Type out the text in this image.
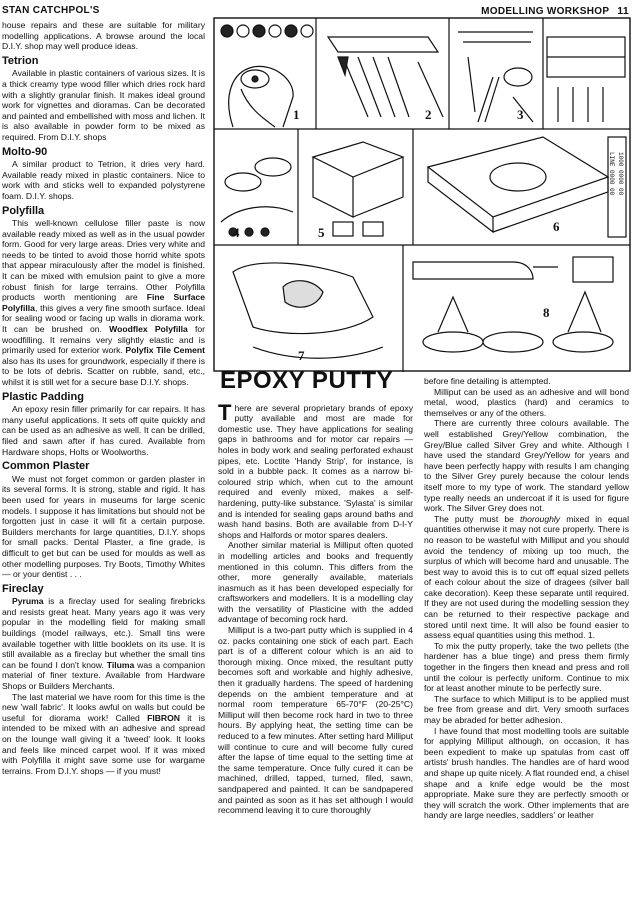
STAN CATCHPOL'S	MODELLING WORKSHOP 11

house repairs and these are suitable for military modelling applications. A browse around the local D.I.Y. shop may well produce ideas.

Tetrion

Available in plastic containers of various sizes. It is a thick creamy type wood filler which dries rock hard with a slightly granular finish. It makes ideal ground work for vignettes and dioramas. Can be decorated and painted and embellished with moss and lichen. It is also available in powder form to be mixed as required. From D.I.Y. shops

Molto-90

A similar product to Tetrion, it dries very hard. Available ready mixed in plastic containers. Nice to work with and sticks well to expanded polystyrene foam. D.I.Y. shops.

Polyfilla

This well-known cellulose filler paste is now available ready mixed as well as in the usual powder form. Good for very large areas. Dries very white and needs to be tinted to avoid those horrid white spots that appear miraculously after the model is finished. It can be mixed with emulsion paint to give a more robust finish for large terrains. Other Polyfilla products worth mentioning are Fine Surface Polyfilla, this gives a very fine smooth surface. Ideal for sealing wood or facing up walls in diorama work. It can be brushed on. Woodflex Polyfilla for woodfilling. It remains very slightly elastic and is primarily used for exterior work. Polyfix Tile Cement also has its uses for groundwork, especially if there is to be lots of debris. Scatter on rubble, sand, etc., whilst it is still wet for a secure base D.I.Y. shops.

Plastic Padding

An epoxy resin filler primarily for car repairs. It has many useful applications. It sets off quite quickly and can be used as an adhesive as well. It can be drilled, filed and sawn after if has cured. Available from Hardware shops, Holts or Woolworths.

Common Plaster

We must not forget common or garden plaster in its several forms. It is strong, stable and rigid. It has been used for years in museums for large scenic models. I suppose it has limitations but should not be forgotten just in case it will fit a certain purpose. Builders merchants for large quantities, D.I.Y. shops for small packs. Dental Plaster, a fine grade, is difficult to get but can be used for moulds as well as other modelling purposes. Try Boots, Timothy Whites — or your dentist . . .

Fireclay

Pyruma is a fireclay used for sealing firebricks and resists great heat. Many years ago it was very popular in the modelling field for making small buildings (model railways, etc.). Small tins were available together with little booklets on its use. It is still available as a fireclay but whether the small tins can be found I don't know. Tiluma was a companion material of finer texture. Available from Hardware Shops or Builders Merchants.

The last material we have room for this time is the new 'wall fabric'. It looks awful on walls but could be useful for diorama work! Called FIBRON it is intended to be mixed with an adhesive and spread on the lounge wall giving it a 'tweed' look. It looks and feels like minced carpet wool. If it was mixed with Polyfilla it might save some use for wargame terrains. From D.I.Y. shops — if you must!

1	2	3
4	5	6
7
8
LINE 0000 00 1000 0000 00
EPOXY PUTTY

There are several proprietary brands of epoxy putty available and most are made for domestic use. They have applications for sealing gaps in bathrooms and for motor car repairs — holes in body work and sealing perforated exhaust pipes, etc. Loctite 'Handy Strip', for instance, is sold in a bubble pack. It comes as a narrow bi-coloured strip which, when cut to the amount required and evenly mixed, makes a self-hardening, putty-like substance. 'Sylasta' is similar and is intended for sealing gaps around baths and wash hand basins. Both are available from D-I-Y shops and Halfords or motor spares dealers.

Another similar material is Milliput often quoted in modelling articles and books and frequently mentioned in this column. This differs from the other, more generally available, materials inasmuch as it has been developed especially for craftsworkers and modellers. It is a modelling clay with the versatility of Plasticine with the added advantage of becoming rock hard.

Milliput is a two-part putty which is supplied in 4 oz. packs containing one stick of each part. Each part is of a different colour which is an aid to thorough mixing. Once mixed, the resultant putty becomes soft and workable and highly adhesive, then it gradually hardens. The speed of hardening depends on the ambient temperature and at normal room temperature 65-70°F (20-25°C) Milliput will then become rock hard in two to three hours. By applying heat, the setting time can be reduced to a few minutes. After setting hard Milliput will continue to cure and will become fully cured after the lapse of time equal to the setting time at the same temperature. Once fully cured it can be machined, drilled, tapped, turned, filed, sawn, sandpapered and painted. It can be sandpapered and painted as soon as it has set although I would recommend leaving it to cure thoroughly

before fine detailing is attempted.

Milliput can be used as an adhesive and will bond metal, wood, plastics (hard) and ceramics to themselves or any of the others.

There are currently three colours available. The well established Grey/Yellow combination, the Grey/Blue called Silver Grey and white. Although I have used the standard Grey/Yellow for years and have been perfectly happy with results I am changing to the Silver Grey purely because the colour lends itself more to my type of work. The standard yellow type really needs an undercoat if it is used for figure work. The Silver Grey does not.

The putty must be thoroughly mixed in equal quantities otherwise it may not cure properly. There is no reason to be wasteful with Milliput and you should avoid the tendency of mixing up too much, the surplus of which will become hard and unusable. The best way to avoid this is to cut off equal sized pellets of each colour about the size of dragees (silver ball cake decoration). Keep these separate until required. If they are not used during the modelling session they can be returned to their respective package and stored until next time. It will also be found easier to assess equal quantities using this method. 1.

To mix the putty properly, take the two pellets (the hardener has a blue tinge) and press them firmly together in the fingers then knead and press and roll until the colour is perfectly uniform. Continue to mix for at least another minute to be perfectly sure.

The surface to which Milliput is to be applied must be free from grease and dirt. Very smooth surfaces may be abraded for better adhesion.

I have found that most modelling tools are suitable for applying Milliput although, on occasion, it has been expedient to make up spatulas from cast off artists' brush handles. The handles are of hard wood and shape up quite nicely. A flat rounded end, a chisel shape and a knife edge would be the most appropriate. Make sure they are perfectly smooth or they will scratch the work. Other implements that are handy are large needles, saddlers' or leather
